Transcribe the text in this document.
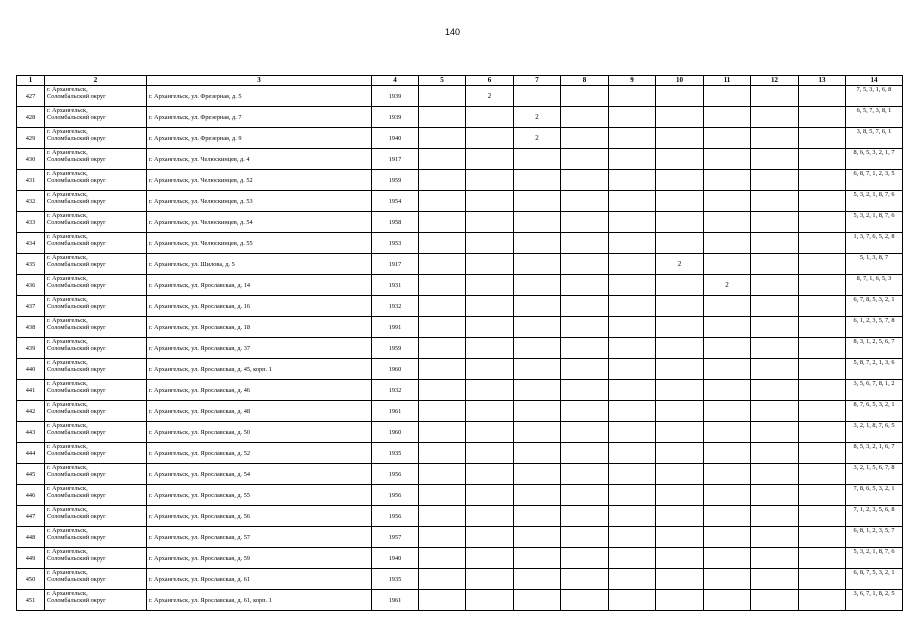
140
1	2	3	4	5	6	7	8	9	10	11	12	13	14
427	г. Архангельск,
Соломбальский округ	г. Архангельск, ул. Фрезерная, д. 5	1939		2								7, 5, 3, 1, 6, 8
428	г. Архангельск,
Соломбальский округ	г. Архангельск, ул. Фрезерная, д. 7	1939			2							6, 5, 7, 3, 8, 1
429	г. Архангельск,
Соломбальский округ	г. Архангельск, ул. Фрезерная, д. 9	1940			2							3, 8, 5, 7, 6, 1
430	г. Архангельск,
Соломбальский округ	г. Архангельск, ул. Челюскинцев, д. 4	1917										8, 6, 5, 3, 2, 1, 7
431	г. Архангельск,
Соломбальский округ	г. Архангельск, ул. Челюскинцев, д. 52	1959										6, 8, 7, 1, 2, 3, 5
432	г. Архангельск,
Соломбальский округ	г. Архангельск, ул. Челюскинцев, д. 53	1954										5, 3, 2, 1, 8, 7, 6
433	г. Архангельск,
Соломбальский округ	г. Архангельск, ул. Челюскинцев, д. 54	1958										5, 3, 2, 1, 8, 7, 6
434	г. Архангельск,
Соломбальский округ	г. Архангельск, ул. Челюскинцев, д. 55	1953										1, 3, 7, 6, 5, 2, 8
435	г. Архангельск,
Соломбальский округ	г. Архангельск, ул. Шилова, д. 5	1917						2				5, 1, 3, 8, 7
436	г. Архангельск,
Соломбальский округ	г. Архангельск, ул. Ярославская, д. 14	1931							2			8, 7, 1, 6, 5, 3
437	г. Архангельск,
Соломбальский округ	г. Архангельск, ул. Ярославская, д. 16	1932										6, 7, 8, 5, 3, 2, 1
438	г. Архангельск,
Соломбальский округ	г. Архангельск, ул. Ярославская, д. 18	1991										6, 1, 2, 3, 5, 7, 8
439	г. Архангельск,
Соломбальский округ	г. Архангельск, ул. Ярославская, д. 37	1959										8, 3, 1, 2, 5, 6, 7
440	г. Архангельск,
Соломбальский округ	г. Архангельск, ул. Ярославская, д. 45, корп. 1	1960										5, 8, 7, 2, 1, 3, 6
441	г. Архангельск,
Соломбальский округ	г. Архангельск, ул. Ярославская, д. 46	1932										3, 5, 6, 7, 8, 1, 2
442	г. Архангельск,
Соломбальский округ	г. Архангельск, ул. Ярославская, д. 48	1961										8, 7, 6, 5, 3, 2, 1
443	г. Архангельск,
Соломбальский округ	г. Архангельск, ул. Ярославская, д. 50	1960										3, 2, 1, 8, 7, 6, 5
444	г. Архангельск,
Соломбальский округ	г. Архангельск, ул. Ярославская, д. 52	1935										8, 5, 3, 2, 1, 6, 7
445	г. Архангельск,
Соломбальский округ	г. Архангельск, ул. Ярославская, д. 54	1956										3, 2, 1, 5, 6, 7, 8
446	г. Архангельск,
Соломбальский округ	г. Архангельск, ул. Ярославская, д. 55	1956										7, 8, 6, 5, 3, 2, 1
447	г. Архангельск,
Соломбальский округ	г. Архангельск, ул. Ярославская, д. 56	1956										7, 1, 2, 3, 5, 6, 8
448	г. Архангельск,
Соломбальский округ	г. Архангельск, ул. Ярославская, д. 57	1957										6, 8, 1, 2, 3, 5, 7
449	г. Архангельск,
Соломбальский округ	г. Архангельск, ул. Ярославская, д. 59	1940										5, 3, 2, 1, 8, 7, 6
450	г. Архангельск,
Соломбальский округ	г. Архангельск, ул. Ярославская, д. 61	1935										6, 8, 7, 5, 3, 2, 1
451	г. Архангельск,
Соломбальский округ	г. Архангельск, ул. Ярославская, д. 61, корп. 1	1961										3, 6, 7, 1, 8, 2, 5
